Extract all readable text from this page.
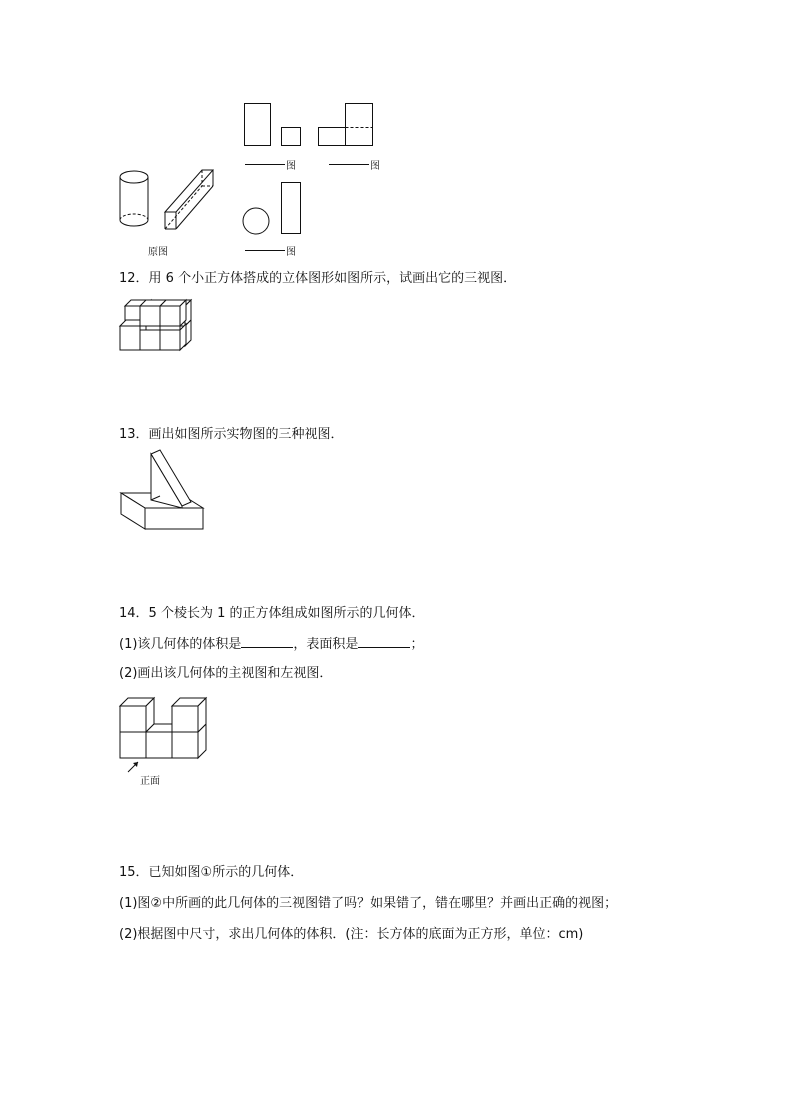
原图
图	图
图
12．用 6 个小正方体搭成的立体图形如图所示，试画出它的三视图．
13．画出如图所示实物图的三种视图．
14．5 个棱长为 1 的正方体组成如图所示的几何体．
(1)该几何体的体积是	，表面积是	；
(2)画出该几何体的主视图和左视图．
正面
15．已知如图①所示的几何体．
(1)图②中所画的此几何体的三视图错了吗？如果错了，错在哪里？并画出正确的视图；
(2)根据图中尺寸，求出几何体的体积．(注：长方体的底面为正方形，单位：cm)
